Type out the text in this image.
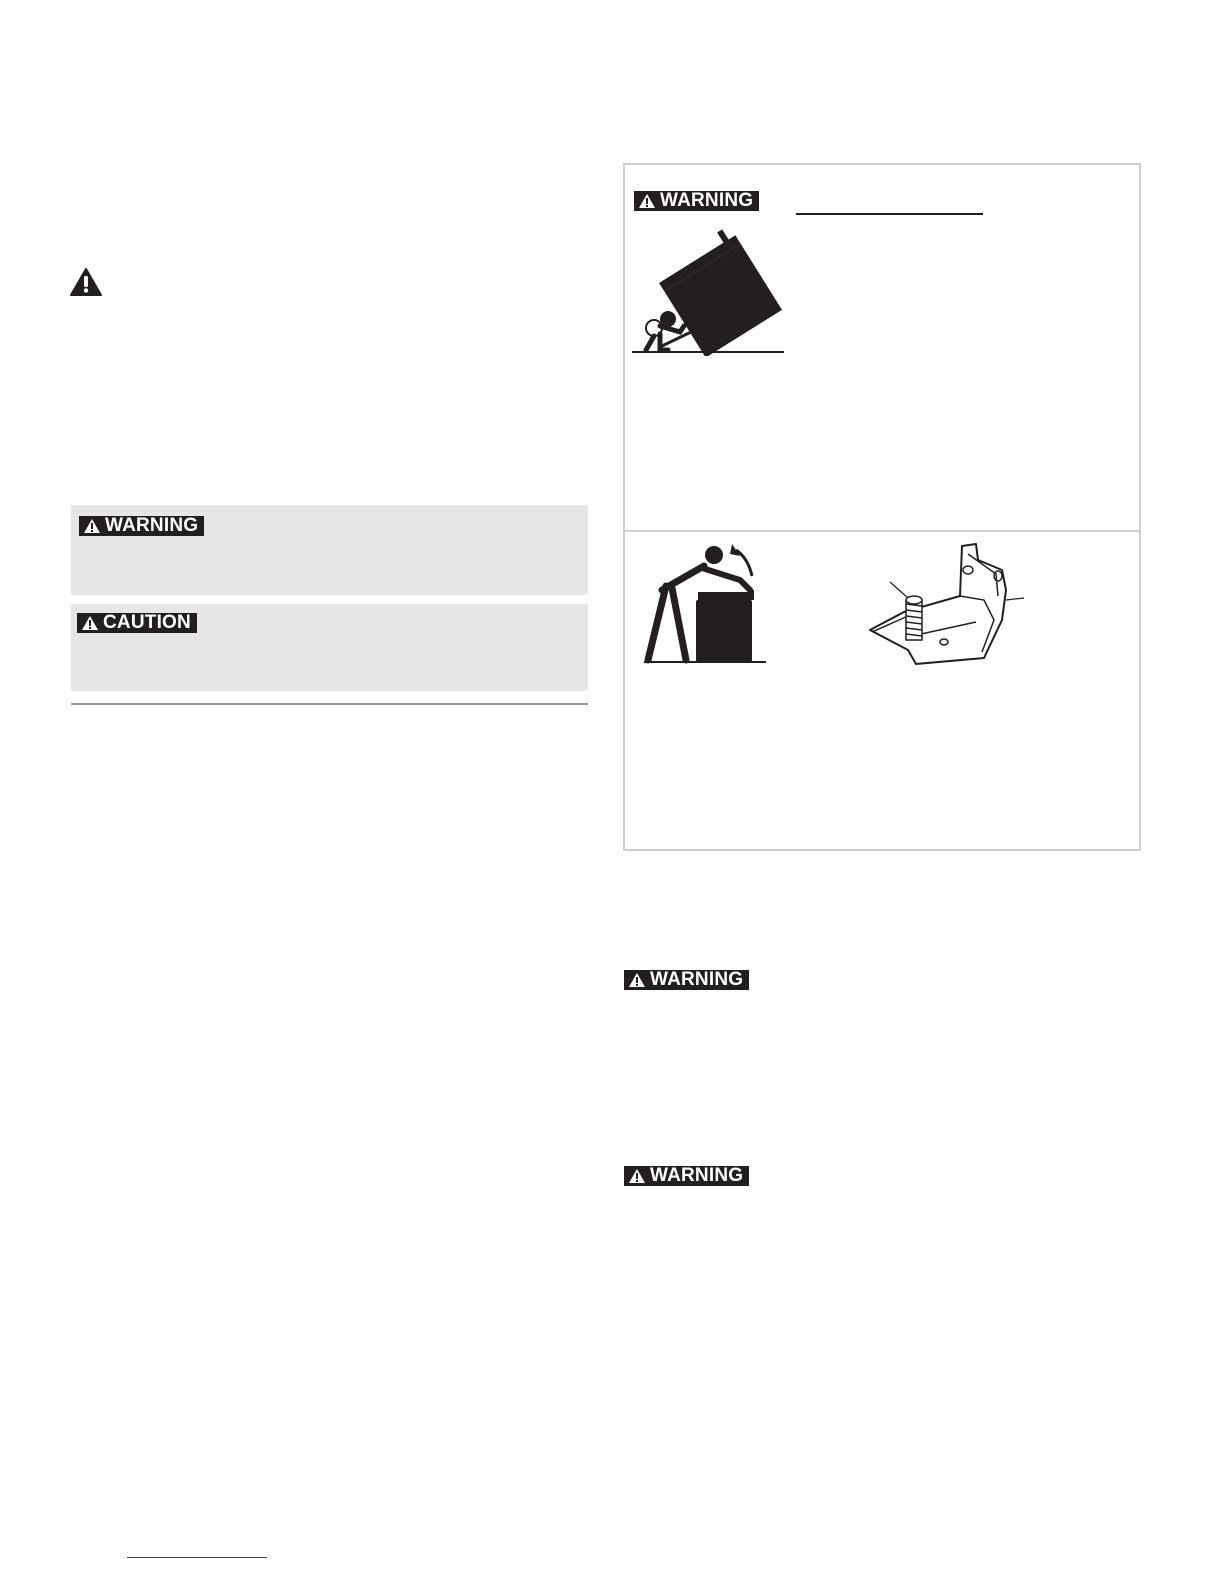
WARNING
CAUTION
WARNING
WARNING
WARNING
